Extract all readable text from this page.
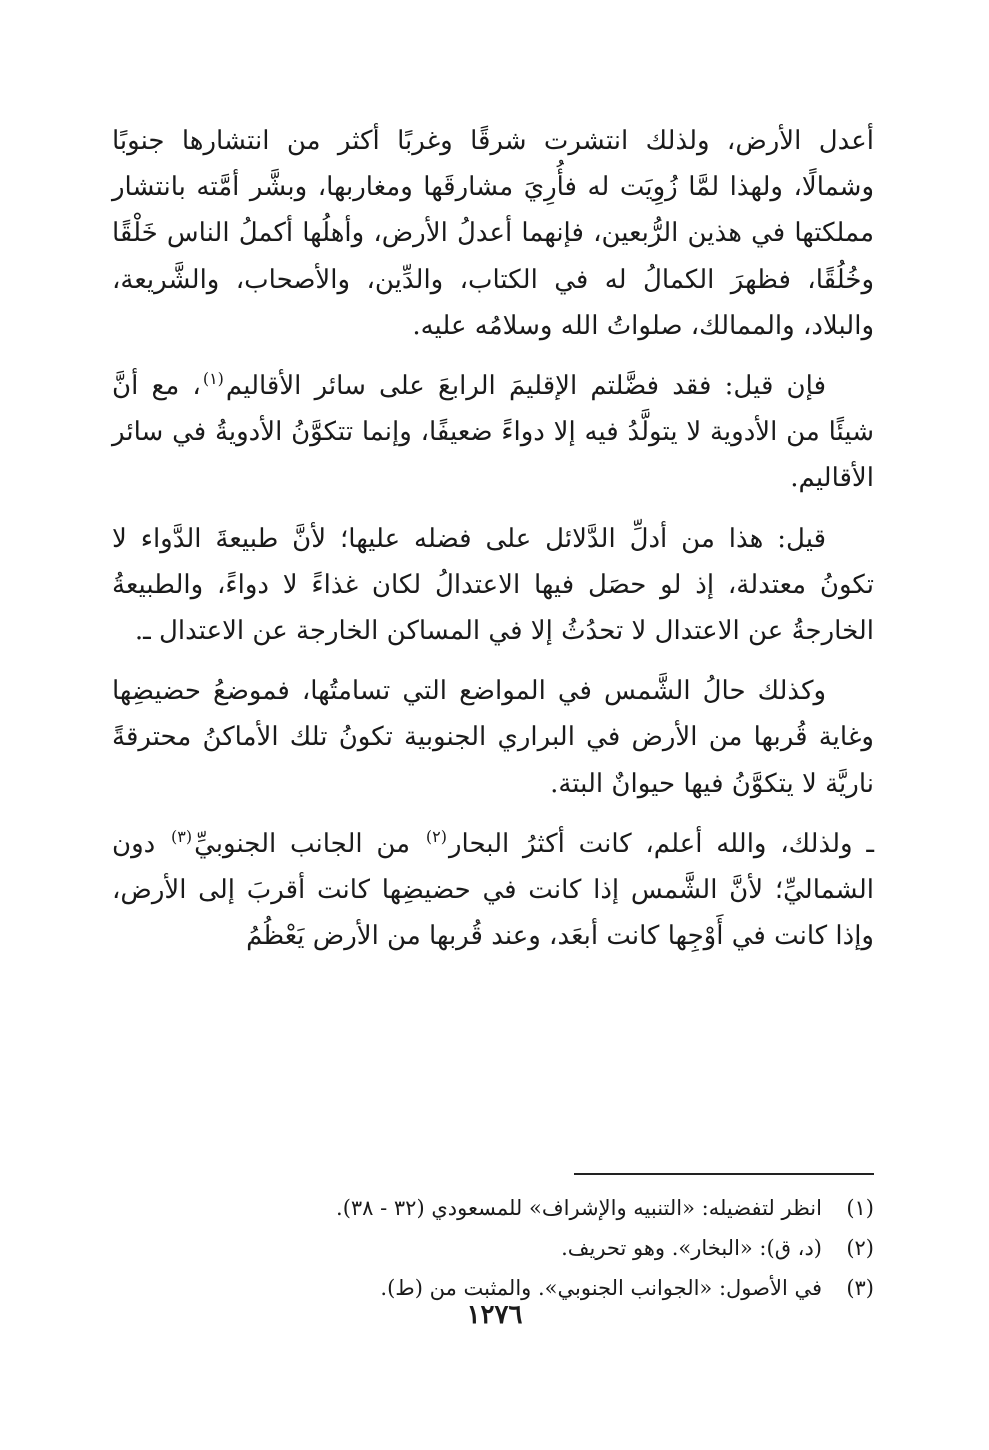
أعدل الأرض، ولذلك انتشرت شرقًا وغربًا أكثر من انتشارها جنوبًا وشمالًا، ولهذا لمَّا زُوِيَت له فأُرِيَ مشارقَها ومغاربها، وبشَّر أمَّته بانتشار مملكتها في هذين الرُّبعين، فإنهما أعدلُ الأرض، وأهلُها أكملُ الناس خَلْقًا وخُلُقًا، فظهرَ الكمالُ له في الكتاب، والدِّين، والأصحاب، والشَّريعة، والبلاد، والممالك، صلواتُ الله وسلامُه عليه.

فإن قيل: فقد فضَّلتم الإقليمَ الرابعَ على سائر الأقاليم$^{(١)}$، مع أنَّ شيئًا من الأدوية لا يتولَّدُ فيه إلا دواءً ضعيفًا، وإنما تتكوَّنُ الأدويةُ في سائر الأقاليم.

قيل: هذا من أدلِّ الدَّلائل على فضله عليها؛ لأنَّ طبيعةَ الدَّواء لا تكونُ معتدلة، إذ لو حصَل فيها الاعتدالُ لكان غذاءً لا دواءً، والطبيعةُ الخارجةُ عن الاعتدال لا تحدُثُ إلا في المساكن الخارجة عن الاعتدال ـ.

وكذلك حالُ الشَّمس في المواضع التي تسامتُها، فموضعُ حضيضِها وغاية قُربها من الأرض في البراري الجنوبية تكونُ تلك الأماكنُ محترقةً ناريَّة لا يتكوَّنُ فيها حيوانٌ البتة.

ـ ولذلك، والله أعلم، كانت أكثرُ البحار$^{(٢)}$ من الجانب الجنوبيِّ$^{(٣)}$ دون الشماليِّ؛ لأنَّ الشَّمس إذا كانت في حضيضِها كانت أقربَ إلى الأرض، وإذا كانت في أَوْجِها كانت أبعَد، وعند قُربها من الأرض يَعْظُمُ

(١)
انظر لتفضيله: «التنبيه والإشراف» للمسعودي (٣٢ - ٣٨).
(٢)
(د، ق): «البخار». وهو تحريف.
(٣)
في الأصول: «الجوانب الجنوبي». والمثبت من (ط).
١٢٧٦
